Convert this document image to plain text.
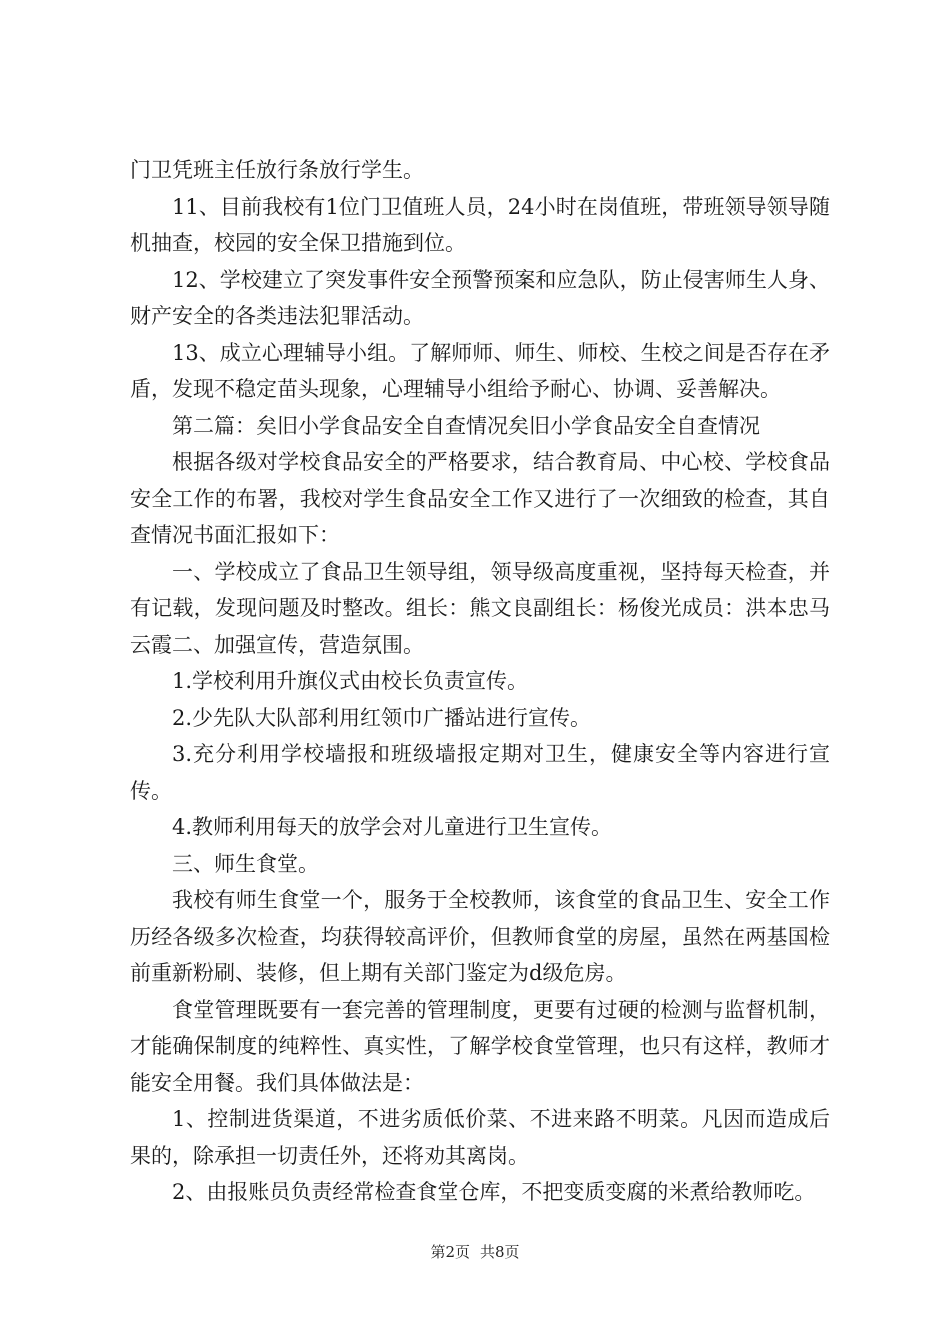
门卫凭班主任放行条放行学生。

11、目前我校有1位门卫值班人员，24小时在岗值班，带班领导领导随机抽查，校园的安全保卫措施到位。

12、学校建立了突发事件安全预警预案和应急队，防止侵害师生人身、财产安全的各类违法犯罪活动。

13、成立心理辅导小组。了解师师、师生、师校、生校之间是否存在矛盾，发现不稳定苗头现象，心理辅导小组给予耐心、协调、妥善解决。

第二篇：矣旧小学食品安全自查情况矣旧小学食品安全自查情况

根据各级对学校食品安全的严格要求，结合教育局、中心校、学校食品安全工作的布署，我校对学生食品安全工作又进行了一次细致的检查，其自查情况书面汇报如下：

一、学校成立了食品卫生领导组，领导级高度重视，坚持每天检查，并有记载，发现问题及时整改。组长：熊文良副组长：杨俊光成员：洪本忠马云霞二、加强宣传，营造氛围。

1.学校利用升旗仪式由校长负责宣传。

2.少先队大队部利用红领巾广播站进行宣传。

3.充分利用学校墙报和班级墙报定期对卫生，健康安全等内容进行宣传。

4.教师利用每天的放学会对儿童进行卫生宣传。

三、师生食堂。

我校有师生食堂一个，服务于全校教师，该食堂的食品卫生、安全工作历经各级多次检查，均获得较高评价，但教师食堂的房屋，虽然在两基国检前重新粉刷、装修，但上期有关部门鉴定为d级危房。

食堂管理既要有一套完善的管理制度，更要有过硬的检测与监督机制，才能确保制度的纯粹性、真实性，了解学校食堂管理，也只有这样，教师才能安全用餐。我们具体做法是：

1、控制进货渠道，不进劣质低价菜、不进来路不明菜。凡因而造成后果的，除承担一切责任外，还将劝其离岗。

2、由报账员负责经常检查食堂仓库，不把变质变腐的米煮给教师吃。

第2页 共8页
